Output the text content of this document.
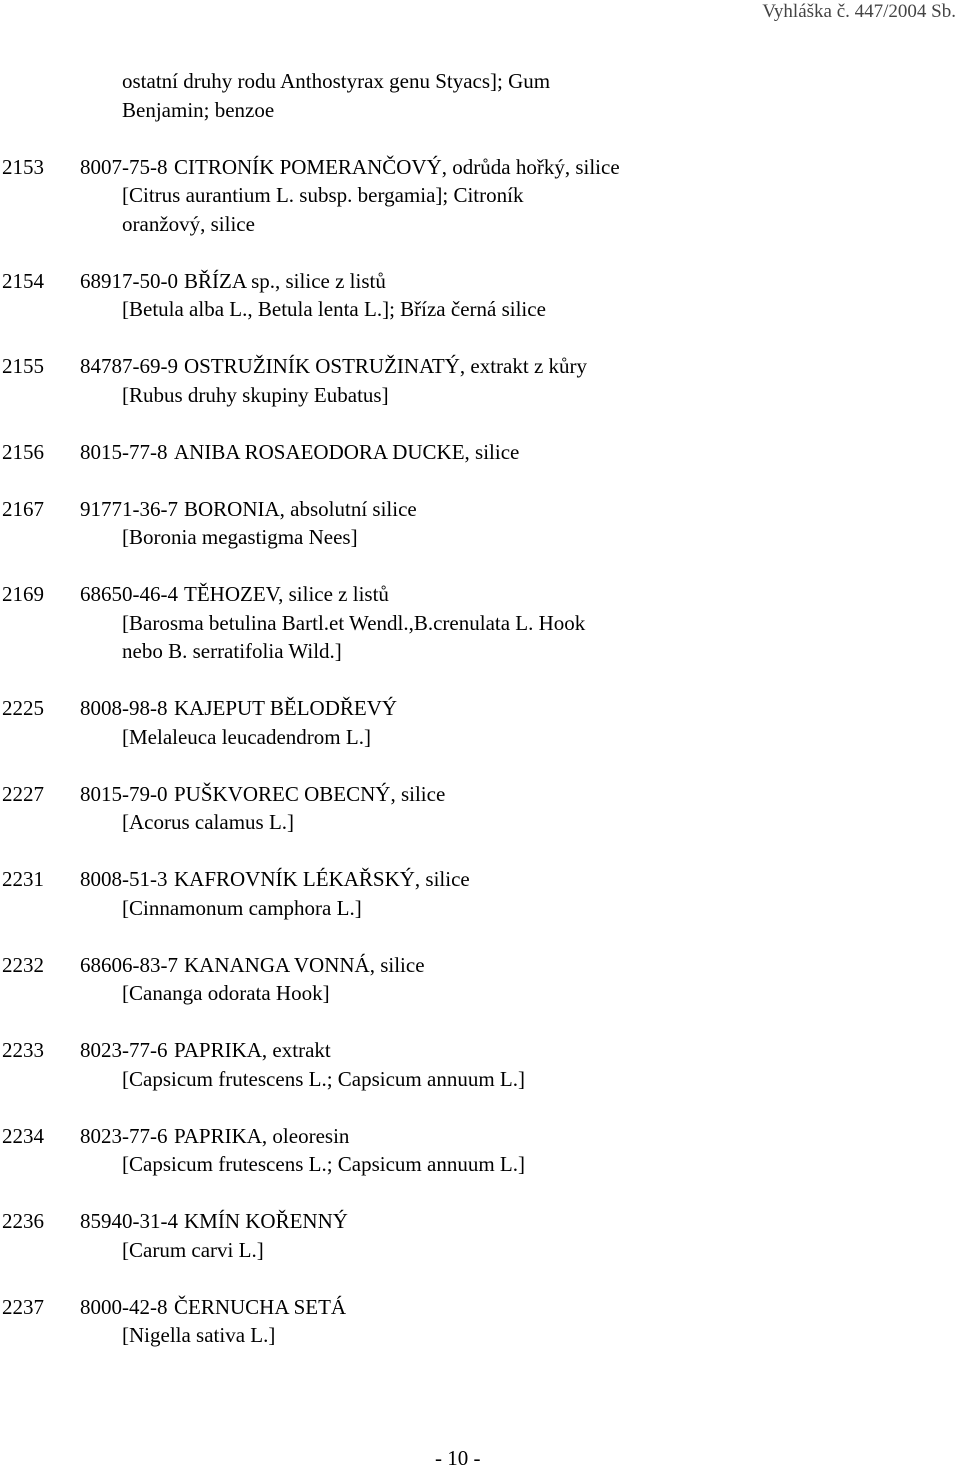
Vyhláška č. 447/2004 Sb.
ostatní druhy rodu Anthostyrax genu Styacs]; Gum
Benjamin; benzoe
2153 8007-75-8 CITRONÍK POMERANČOVÝ, odrůda hořký, silice
[Citrus aurantium L. subsp. bergamia]; Citroník
oranžový, silice
2154 68917-50-0 BŘÍZA sp., silice z listů
[Betula alba L., Betula lenta L.]; Bříza černá silice
2155 84787-69-9 OSTRUŽINÍK OSTRUŽINATÝ, extrakt z kůry
[Rubus druhy skupiny Eubatus]
2156 8015-77-8 ANIBA ROSAEODORA DUCKE, silice
2167 91771-36-7 BORONIA, absolutní silice
[Boronia megastigma Nees]
2169 68650-46-4 TĚHOZEV, silice z listů
[Barosma betulina Bartl.et Wendl.,B.crenulata L. Hook
nebo B. serratifolia Wild.]
2225 8008-98-8 KAJEPUT BĚLODŘEVÝ
[Melaleuca leucadendrom L.]
2227 8015-79-0 PUŠKVOREC OBECNÝ, silice
[Acorus calamus L.]
2231 8008-51-3 KAFROVNÍK LÉKAŘSKÝ, silice
[Cinnamonum camphora L.]
2232 68606-83-7 KANANGA VONNÁ, silice
[Cananga odorata Hook]
2233 8023-77-6 PAPRIKA, extrakt
[Capsicum frutescens L.; Capsicum annuum L.]
2234 8023-77-6 PAPRIKA, oleoresin
[Capsicum frutescens L.; Capsicum annuum L.]
2236 85940-31-4 KMÍN KOŘENNÝ
[Carum carvi L.]
2237 8000-42-8 ČERNUCHA SETÁ
[Nigella sativa L.]
- 10 -
